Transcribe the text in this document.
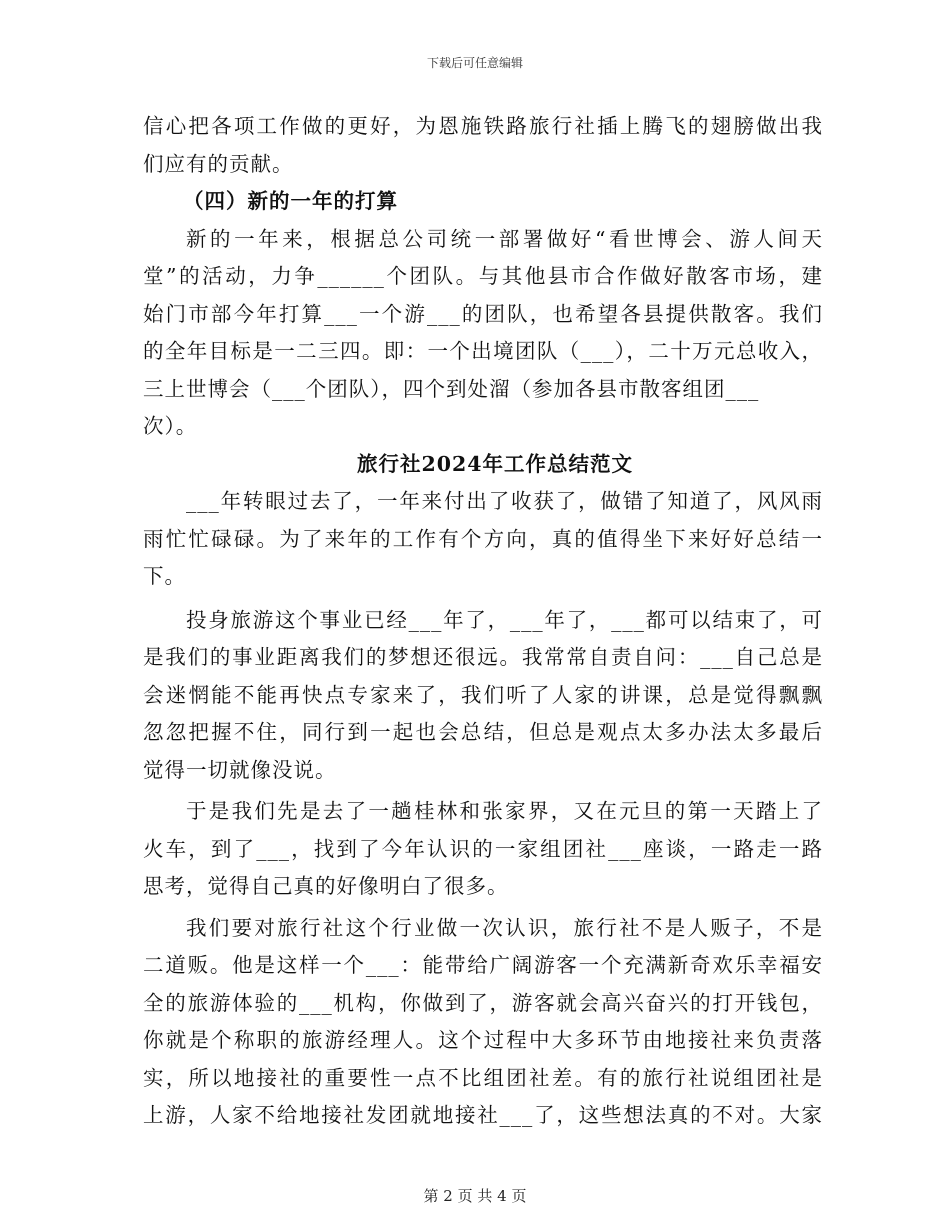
下载后可任意编辑
信心把各项工作做的更好，为恩施铁路旅行社插上腾飞的翅膀做出我
们应有的贡献。
（四）新的一年的打算
新的一年来，根据总公司统一部署做好“看世博会、游人间天
堂”的活动，力争______个团队。与其他县市合作做好散客市场，建
始门市部今年打算___一个游___的团队，也希望各县提供散客。我们
的全年目标是一二三四。即：一个出境团队（___），二十万元总收入，
三上世博会（___个团队），四个到处溜（参加各县市散客组团___
次）。
旅行社2024年工作总结范文
___年转眼过去了，一年来付出了收获了，做错了知道了，风风雨
雨忙忙碌碌。为了来年的工作有个方向，真的值得坐下来好好总结一
下。
投身旅游这个事业已经___年了，___年了，___都可以结束了，可
是我们的事业距离我们的梦想还很远。我常常自责自问：___自己总是
会迷惘能不能再快点专家来了，我们听了人家的讲课，总是觉得飘飘
忽忽把握不住，同行到一起也会总结，但总是观点太多办法太多最后
觉得一切就像没说。
于是我们先是去了一趟桂林和张家界，又在元旦的第一天踏上了
火车，到了___，找到了今年认识的一家组团社___座谈，一路走一路
思考，觉得自己真的好像明白了很多。
我们要对旅行社这个行业做一次认识，旅行社不是人贩子，不是
二道贩。他是这样一个___：能带给广阔游客一个充满新奇欢乐幸福安
全的旅游体验的___机构，你做到了，游客就会高兴奋兴的打开钱包，
你就是个称职的旅游经理人。这个过程中大多环节由地接社来负责落
实，所以地接社的重要性一点不比组团社差。有的旅行社说组团社是
上游，人家不给地接社发团就地接社___了，这些想法真的不对。大家
第 2 页 共 4 页
